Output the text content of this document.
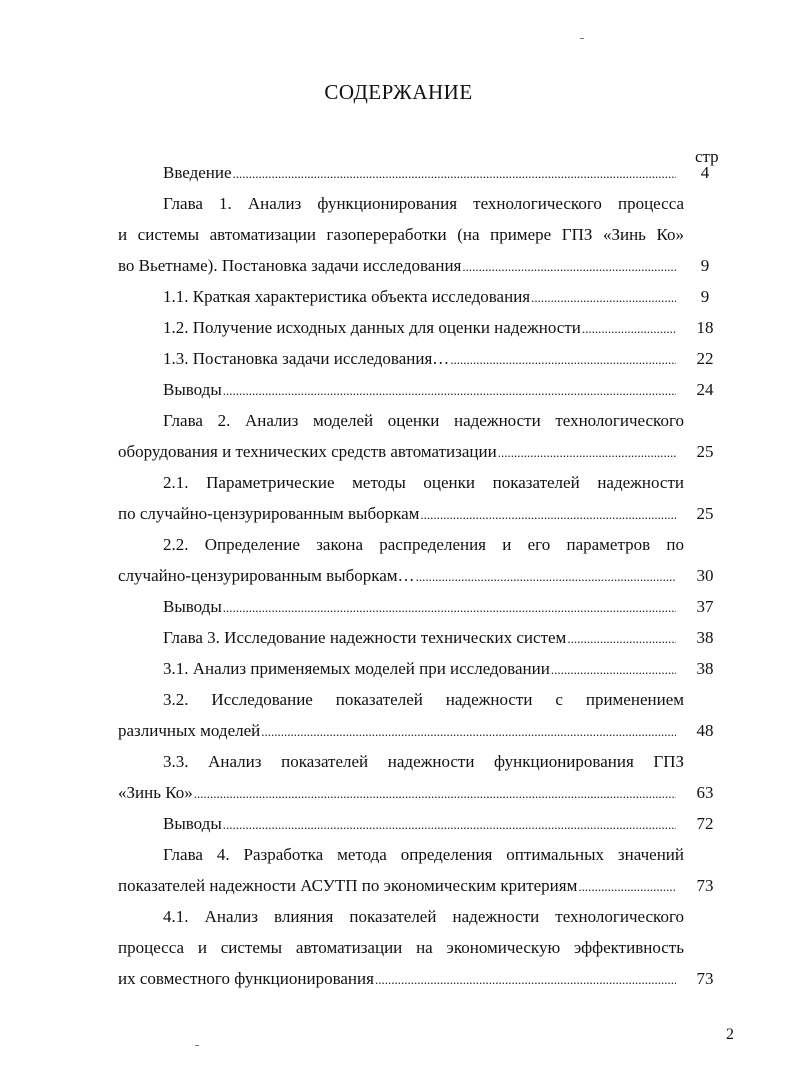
СОДЕРЖАНИЕ
стр
4
Введение
.....
Глава 1. Анализ функционирования технологического процесса
и системы автоматизации газопереработки (на примере ГПЗ «Зинь Ко»
9
во Вьетнаме). Постановка задачи исследования
.....
9
1.1. Краткая характеристика объекта исследования
.....
18
1.2. Получение исходных данных для оценки надежности
.....
22
1.3. Постановка задачи исследования…
.....
24
Выводы
.....
Глава 2. Анализ моделей оценки надежности технологического
25
оборудования и технических средств автоматизации
.....
2.1. Параметрические методы оценки показателей надежности
25
по случайно-цензурированным выборкам
.....
2.2. Определение закона распределения и его параметров по
30
случайно-цензурированным выборкам…
.....
37
Выводы
.....
38
Глава 3. Исследование надежности технических систем
.....
38
3.1. Анализ применяемых моделей при исследовании
.....
3.2. Исследование показателей надежности с применением
48
различных моделей
.....
3.3. Анализ показателей надежности функционирования ГПЗ
63
«Зинь Ко»
.....
72
Выводы
.....
Глава 4. Разработка метода определения оптимальных значений
73
показателей надежности АСУТП по экономическим критериям
.....
4.1. Анализ влияния показателей надежности технологического
процесса и системы автоматизации на экономическую эффективность
73
их совместного функционирования
.....
2
